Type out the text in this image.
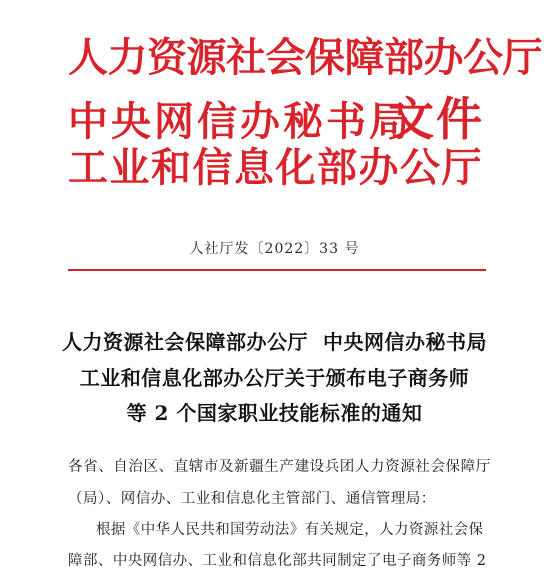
人力资源社会保障部办公厅
中央网信办秘书局
工业和信息化部办公厅
文件
人社厅发〔2022〕33 号
人力资源社会保障部办公厅  中央网信办秘书局
工业和信息化部办公厅关于颁布电子商务师
等 2 个国家职业技能标准的通知
各省、自治区、直辖市及新疆生产建设兵团人力资源社会保障厅
（局）、网信办、工业和信息化主管部门、通信管理局：
根据《中华人民共和国劳动法》有关规定，人力资源社会保
障部、中央网信办、工业和信息化部共同制定了电子商务师等 2
